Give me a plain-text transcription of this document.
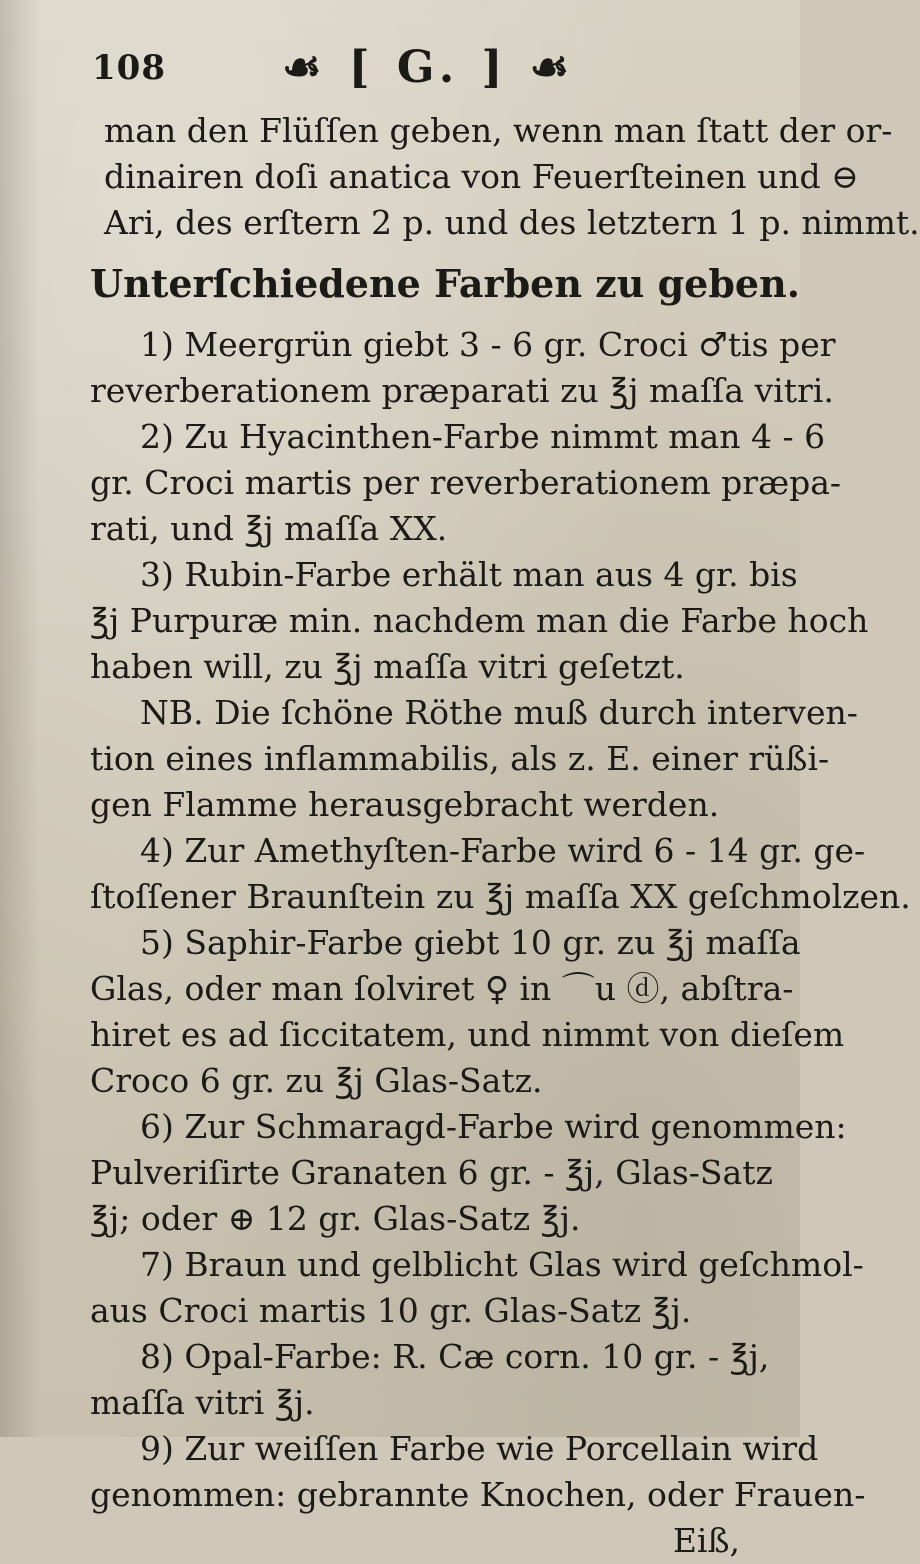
108	☙ [ G. ] ☙
man den Flüſſen geben, wenn man ſtatt der or-
dinairen doſi anatica von Feuerſteinen und ⊖
Ari, des erſtern 2 p. und des letztern 1 p. nimmt.
Unterſchiedene Farben zu geben.
1) Meergrün giebt 3 - 6 gr. Croci ♂tis per
reverberationem præparati zu ℥j maſſa vitri.
2) Zu Hyacinthen-Farbe nimmt man 4 - 6
gr. Croci martis per reverberationem præpa-
rati, und ℥j maſſa XX.
3) Rubin-Farbe erhält man aus 4 gr. bis
℥j Purpuræ min. nachdem man die Farbe hoch
haben will, zu ℥j maſſa vitri geſetzt.
NB. Die ſchöne Röthe muß durch interven-
tion eines inflammabilis, als z. E. einer rüßi-
gen Flamme herausgebracht werden.
4) Zur Amethyſten-Farbe wird 6 - 14 gr. ge-
ſtoſſener Braunſtein zu ℥j maſſa XX geſchmolzen.
5) Saphir-Farbe giebt 10 gr. zu ℥j maſſa
Glas, oder man ſolviret ♀ in ⌒u ⓓ, abſtra-
hiret es ad ſiccitatem, und nimmt von dieſem
Croco 6 gr. zu ℥j Glas-Satz.
6) Zur Schmaragd-Farbe wird genommen:
Pulveriſirte Granaten 6 gr. - ℥j, Glas-Satz
℥j; oder ⊕ 12 gr. Glas-Satz ℥j.
7) Braun und gelblicht Glas wird geſchmol-
aus Croci martis 10 gr. Glas-Satz ℥j.
8) Opal-Farbe: R. Cæ corn. 10 gr. - ℥j,
maſſa vitri ℥j.
9) Zur weiſſen Farbe wie Porcellain wird
genommen: gebrannte Knochen, oder Frauen-
Eiß,
